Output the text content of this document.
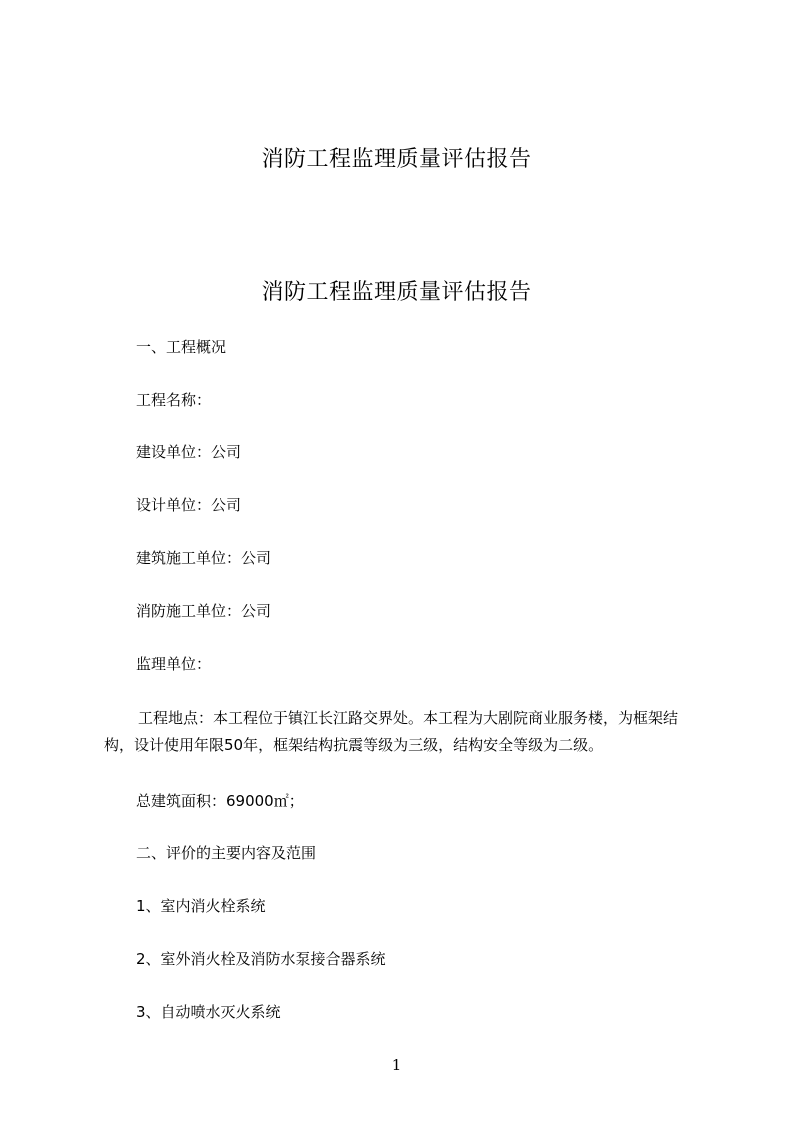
消防工程监理质量评估报告
消防工程监理质量评估报告
一、工程概况
工程名称：
建设单位：公司
设计单位：公司
建筑施工单位：公司
消防施工单位：公司
监理单位：
工程地点：本工程位于镇江长江路交界处。本工程为大剧院商业服务楼，为框架结构，设计使用年限50年，框架结构抗震等级为三级，结构安全等级为二级。
总建筑面积：69000㎡；
二、评价的主要内容及范围
1、室内消火栓系统
2、室外消火栓及消防水泵接合器系统
3、自动喷水灭火系统
1
